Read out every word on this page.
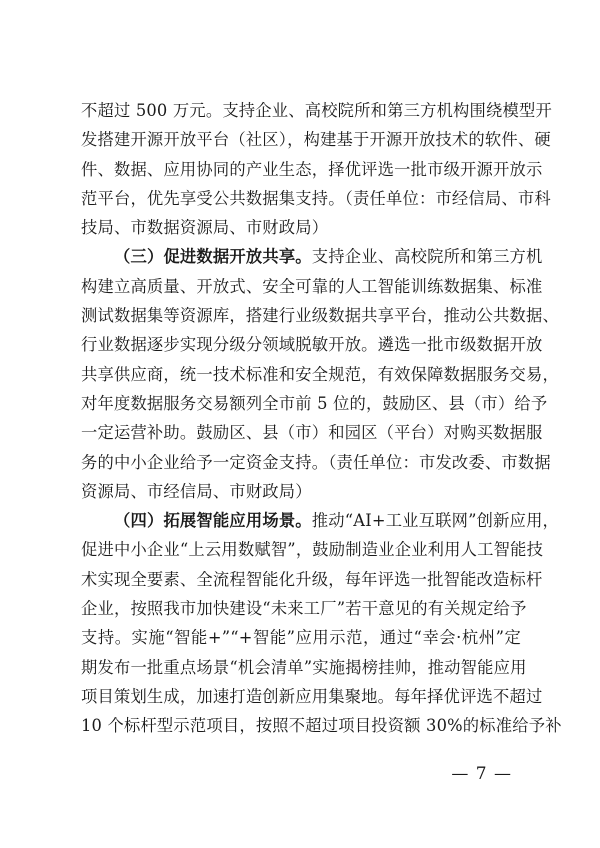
不超过 500 万元。支持企业、高校院所和第三方机构围绕模型开
发搭建开源开放平台（社区），构建基于开源开放技术的软件、硬
件、数据、应用协同的产业生态，择优评选一批市级开源开放示
范平台，优先享受公共数据集支持。（责任单位：市经信局、市科
技局、市数据资源局、市财政局）
（三）促进数据开放共享。支持企业、高校院所和第三方机
构建立高质量、开放式、安全可靠的人工智能训练数据集、标准
测试数据集等资源库，搭建行业级数据共享平台，推动公共数据、
行业数据逐步实现分级分领域脱敏开放。遴选一批市级数据开放
共享供应商，统一技术标准和安全规范，有效保障数据服务交易，
对年度数据服务交易额列全市前 5 位的，鼓励区、县（市）给予
一定运营补助。鼓励区、县（市）和园区（平台）对购买数据服
务的中小企业给予一定资金支持。（责任单位：市发改委、市数据
资源局、市经信局、市财政局）
（四）拓展智能应用场景。推动“AI+工业互联网”创新应用，
促进中小企业“上云用数赋智”，鼓励制造业企业利用人工智能技
术实现全要素、全流程智能化升级，每年评选一批智能改造标杆
企业，按照我市加快建设“未来工厂”若干意见的有关规定给予
支持。实施“智能+”“+智能”应用示范，通过“幸会·杭州”定
期发布一批重点场景“机会清单”实施揭榜挂帅，推动智能应用
项目策划生成，加速打造创新应用集聚地。每年择优评选不超过
10 个标杆型示范项目，按照不超过项目投资额 30%的标准给予补
— 7 —
